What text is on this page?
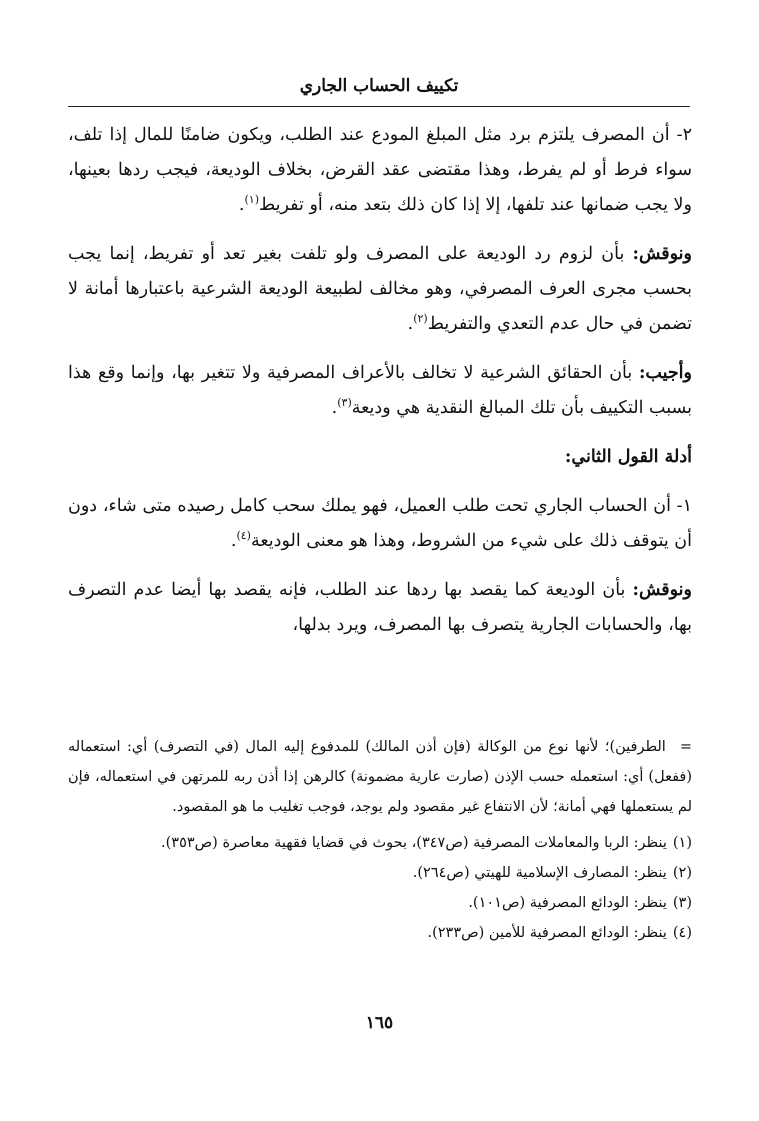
تكييف الحساب الجاري

٢- أن المصرف يلتزم برد مثل المبلغ المودع عند الطلب، ويكون ضامنًا للمال إذا تلف، سواء فرط أو لم يفرط، وهذا مقتضى عقد القرض، بخلاف الوديعة، فيجب ردها بعينها، ولا يجب ضمانها عند تلفها، إلا إذا كان ذلك بتعد منه، أو تفريط$^{(١)}$.

ونوقش: بأن لزوم رد الوديعة على المصرف ولو تلفت بغير تعد أو تفريط، إنما يجب بحسب مجرى العرف المصرفي، وهو مخالف لطبيعة الوديعة الشرعية باعتبارها أمانة لا تضمن في حال عدم التعدي والتفريط$^{(٢)}$.

وأجيب: بأن الحقائق الشرعية لا تخالف بالأعراف المصرفية ولا تتغير بها، وإنما وقع هذا بسبب التكييف بأن تلك المبالغ النقدية هي وديعة$^{(٣)}$.

أدلة القول الثاني:

١- أن الحساب الجاري تحت طلب العميل، فهو يملك سحب كامل رصيده متى شاء، دون أن يتوقف ذلك على شيء من الشروط، وهذا هو معنى الوديعة$^{(٤)}$.

ونوقش: بأن الوديعة كما يقصد بها ردها عند الطلب، فإنه يقصد بها أيضا عدم التصرف بها، والحسابات الجارية يتصرف بها المصرف، ويرد بدلها،

=الطرفين)؛ لأنها نوع من الوكالة (فإن أذن المالك) للمدفوع إليه المال (في التصرف) أي: استعماله (ففعل) أي: استعمله حسب الإذن (صارت عارية مضمونة) كالرهن إذا أذن ربه للمرتهن في استعماله، فإن لم يستعملها فهي أمانة؛ لأن الانتفاع غير مقصود ولم يوجد، فوجب تغليب ما هو المقصود.

(١)ينظر: الربا والمعاملات المصرفية (ص٣٤٧)، بحوث في قضايا فقهية معاصرة (ص٣٥٣).

(٢)ينظر: المصارف الإسلامية للهيتي (ص٢٦٤).

(٣)ينظر: الودائع المصرفية (ص١٠١).

(٤)ينظر: الودائع المصرفية للأمين (ص٢٣٣).

١٦٥
